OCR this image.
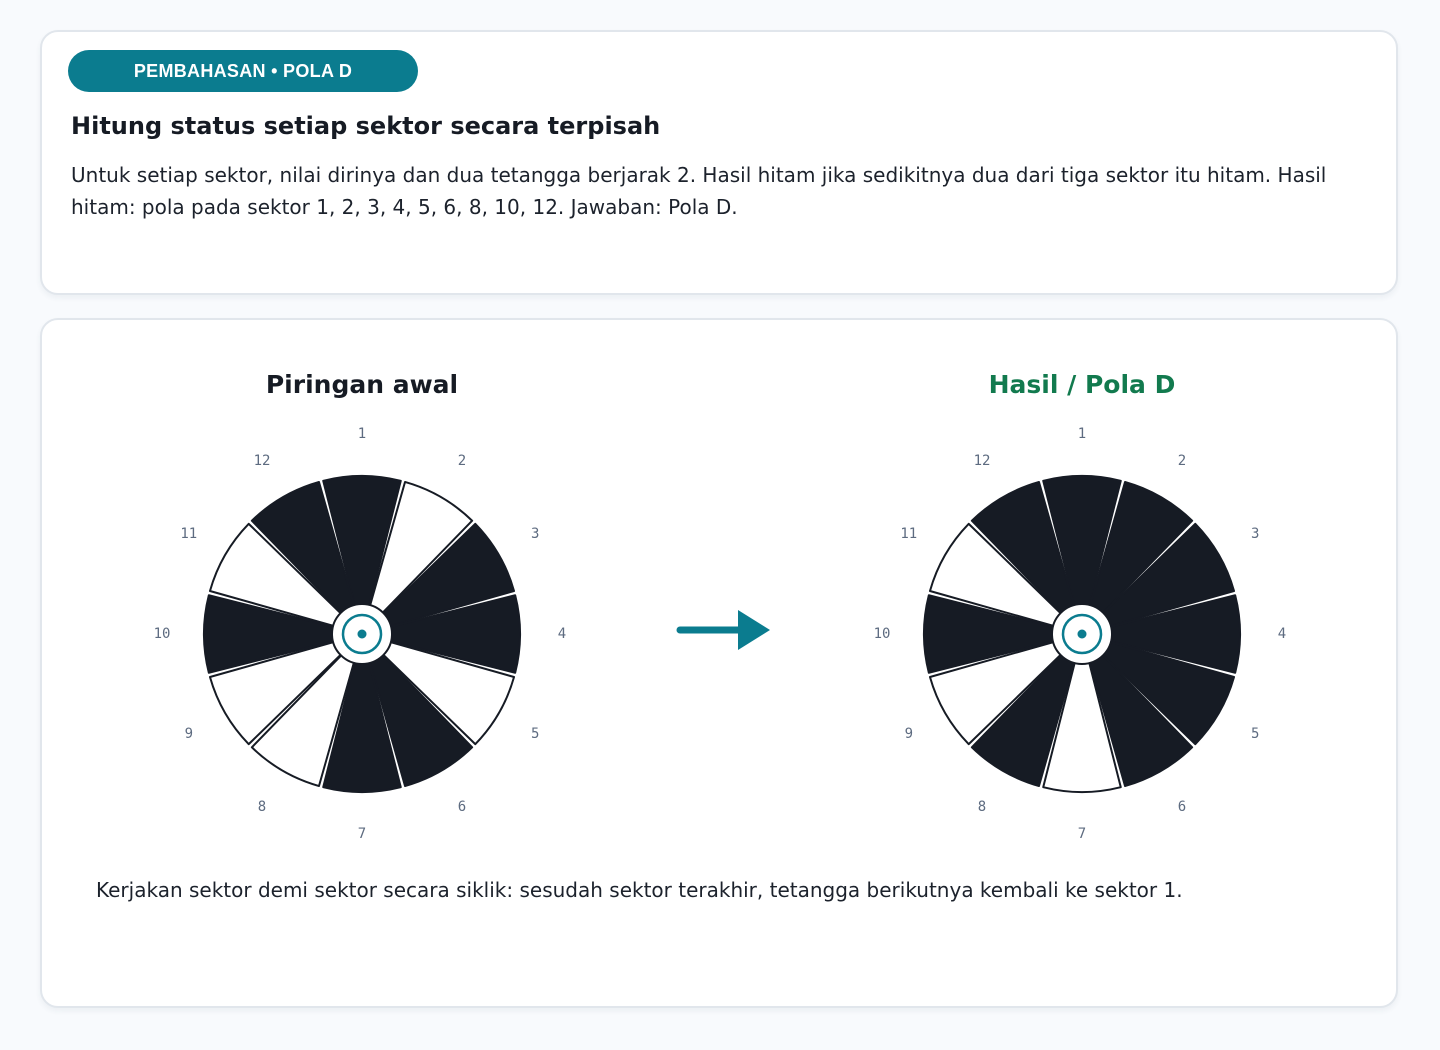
PEMBAHASAN • POLA D
Hitung status setiap sektor secara terpisah

Untuk setiap sektor, nilai dirinya dan dua tetangga berjarak 2. Hasil hitam jika sedikitnya dua dari tiga sektor itu hitam. Hasil hitam: pola pada sektor 1, 2, 3, 4, 5, 6, 8, 10, 12. Jawaban: Pola D.

Piringan awal	Hasil / Pola D
1
2
3
4
5
6
7
8
9
10
11
12
1
2
3
4
5
6
7
8
9
10
11
12

Kerjakan sektor demi sektor secara siklik: sesudah sektor terakhir, tetangga berikutnya kembali ke sektor 1.
